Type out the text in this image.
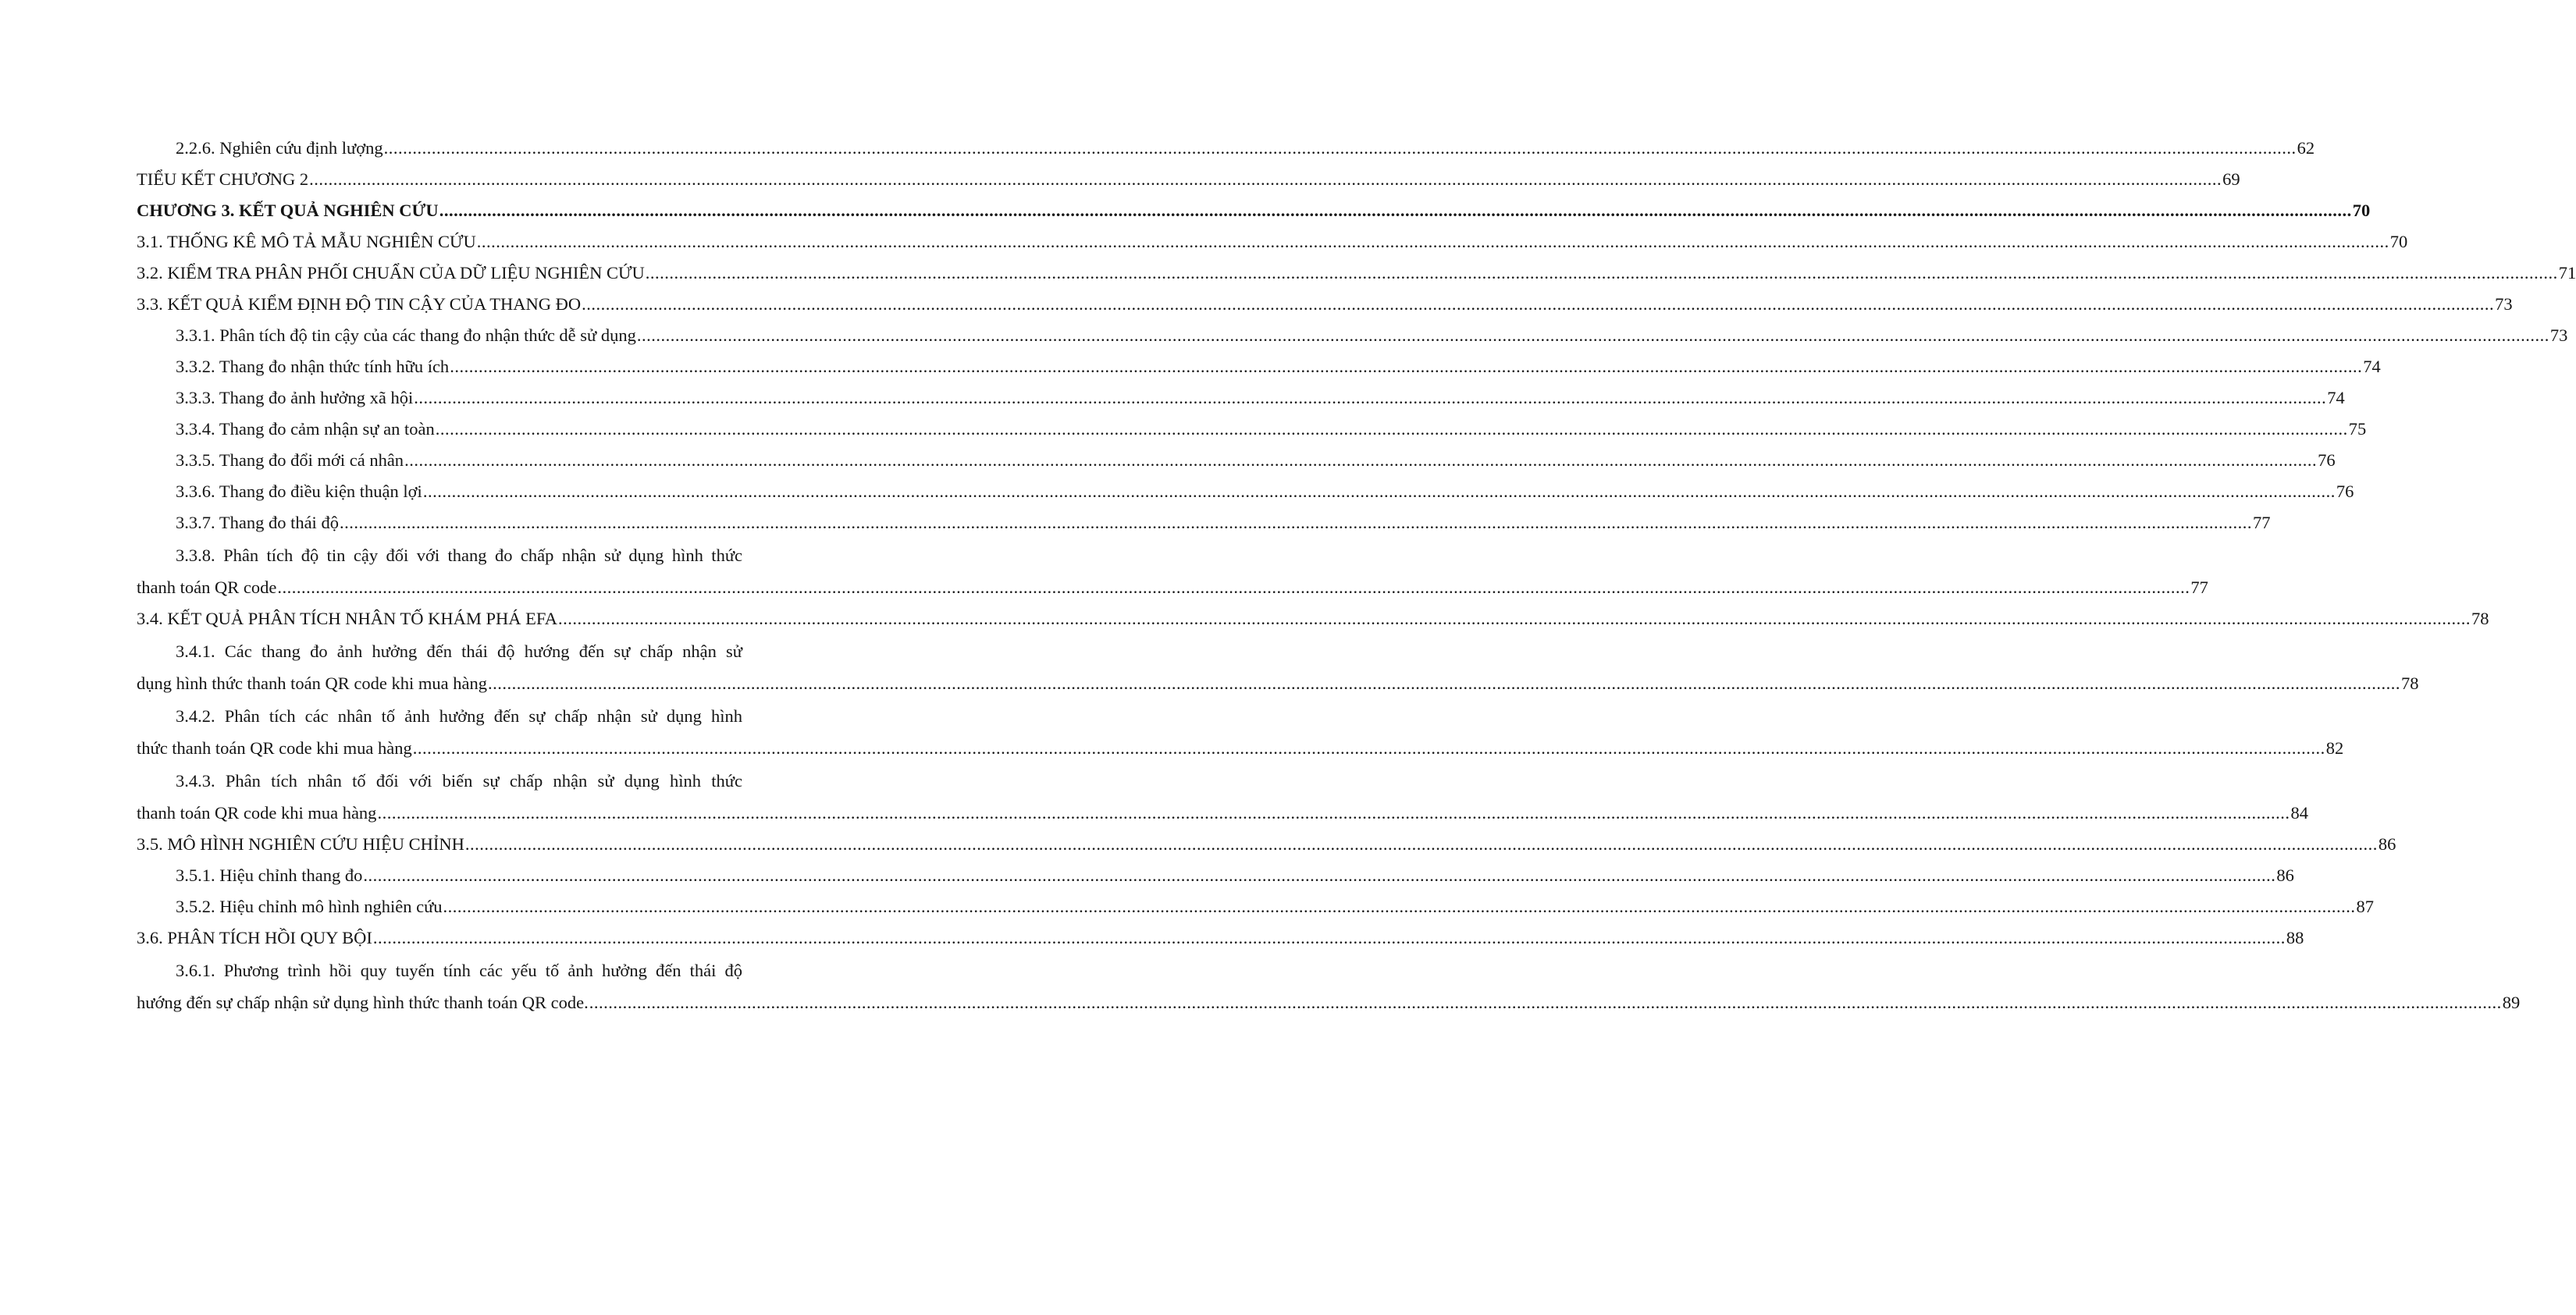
2.2.6. Nghiên cứu định lượng ................................................................................................................................................................................................................................................................................................................................................................................................................ 62
TIỂU KẾT CHƯƠNG 2 ................................................................................................................................................................................................................................................................................................................................................................................................................ 69
CHƯƠNG 3. KẾT QUẢ NGHIÊN CỨU ................................................................................................................................................................................................................................................................................................................................................................................................................ 70
3.1. THỐNG KÊ MÔ TẢ MẪU NGHIÊN CỨU ................................................................................................................................................................................................................................................................................................................................................................................................................ 70
3.2. KIỂM TRA PHÂN PHỐI CHUẨN CỦA DỮ LIỆU NGHIÊN CỨU ................................................................................................................................................................................................................................................................................................................................................................................................................ 71
3.3. KẾT QUẢ KIỂM ĐỊNH ĐỘ TIN CẬY CỦA THANG ĐO ................................................................................................................................................................................................................................................................................................................................................................................................................ 73
3.3.1. Phân tích độ tin cậy của các thang đo nhận thức dễ sử dụng ................................................................................................................................................................................................................................................................................................................................................................................................................ 73
3.3.2. Thang đo nhận thức tính hữu ích ................................................................................................................................................................................................................................................................................................................................................................................................................ 74
3.3.3. Thang đo ảnh hưởng xã hội ................................................................................................................................................................................................................................................................................................................................................................................................................ 74
3.3.4. Thang đo cảm nhận sự an toàn ................................................................................................................................................................................................................................................................................................................................................................................................................ 75
3.3.5. Thang đo đổi mới cá nhân ................................................................................................................................................................................................................................................................................................................................................................................................................ 76
3.3.6. Thang đo điều kiện thuận lợi ................................................................................................................................................................................................................................................................................................................................................................................................................ 76
3.3.7. Thang đo thái độ ................................................................................................................................................................................................................................................................................................................................................................................................................ 77
3.3.8. Phân tích độ tin cậy đối với thang đo chấp nhận sử dụng hình thức
thanh toán QR code ................................................................................................................................................................................................................................................................................................................................................................................................................ 77
3.4. KẾT QUẢ PHÂN TÍCH NHÂN TỐ KHÁM PHÁ EFA ................................................................................................................................................................................................................................................................................................................................................................................................................ 78
3.4.1. Các thang đo ảnh hưởng đến thái độ hướng đến sự chấp nhận sử
dụng hình thức thanh toán QR code khi mua hàng ................................................................................................................................................................................................................................................................................................................................................................................................................ 78
3.4.2. Phân tích các nhân tố ảnh hưởng đến sự chấp nhận sử dụng hình
thức thanh toán QR code khi mua hàng ................................................................................................................................................................................................................................................................................................................................................................................................................ 82
3.4.3. Phân tích nhân tố đối với biến sự chấp nhận sử dụng hình thức
thanh toán QR code khi mua hàng ................................................................................................................................................................................................................................................................................................................................................................................................................ 84
3.5. MÔ HÌNH NGHIÊN CỨU HIỆU CHỈNH ................................................................................................................................................................................................................................................................................................................................................................................................................ 86
3.5.1. Hiệu chỉnh thang đo ................................................................................................................................................................................................................................................................................................................................................................................................................ 86
3.5.2. Hiệu chỉnh mô hình nghiên cứu ................................................................................................................................................................................................................................................................................................................................................................................................................ 87
3.6. PHÂN TÍCH HỒI QUY BỘI ................................................................................................................................................................................................................................................................................................................................................................................................................ 88
3.6.1. Phương trình hồi quy tuyến tính các yếu tố ảnh hưởng đến thái độ
hướng đến sự chấp nhận sử dụng hình thức thanh toán QR code. ................................................................................................................................................................................................................................................................................................................................................................................................................ 89
